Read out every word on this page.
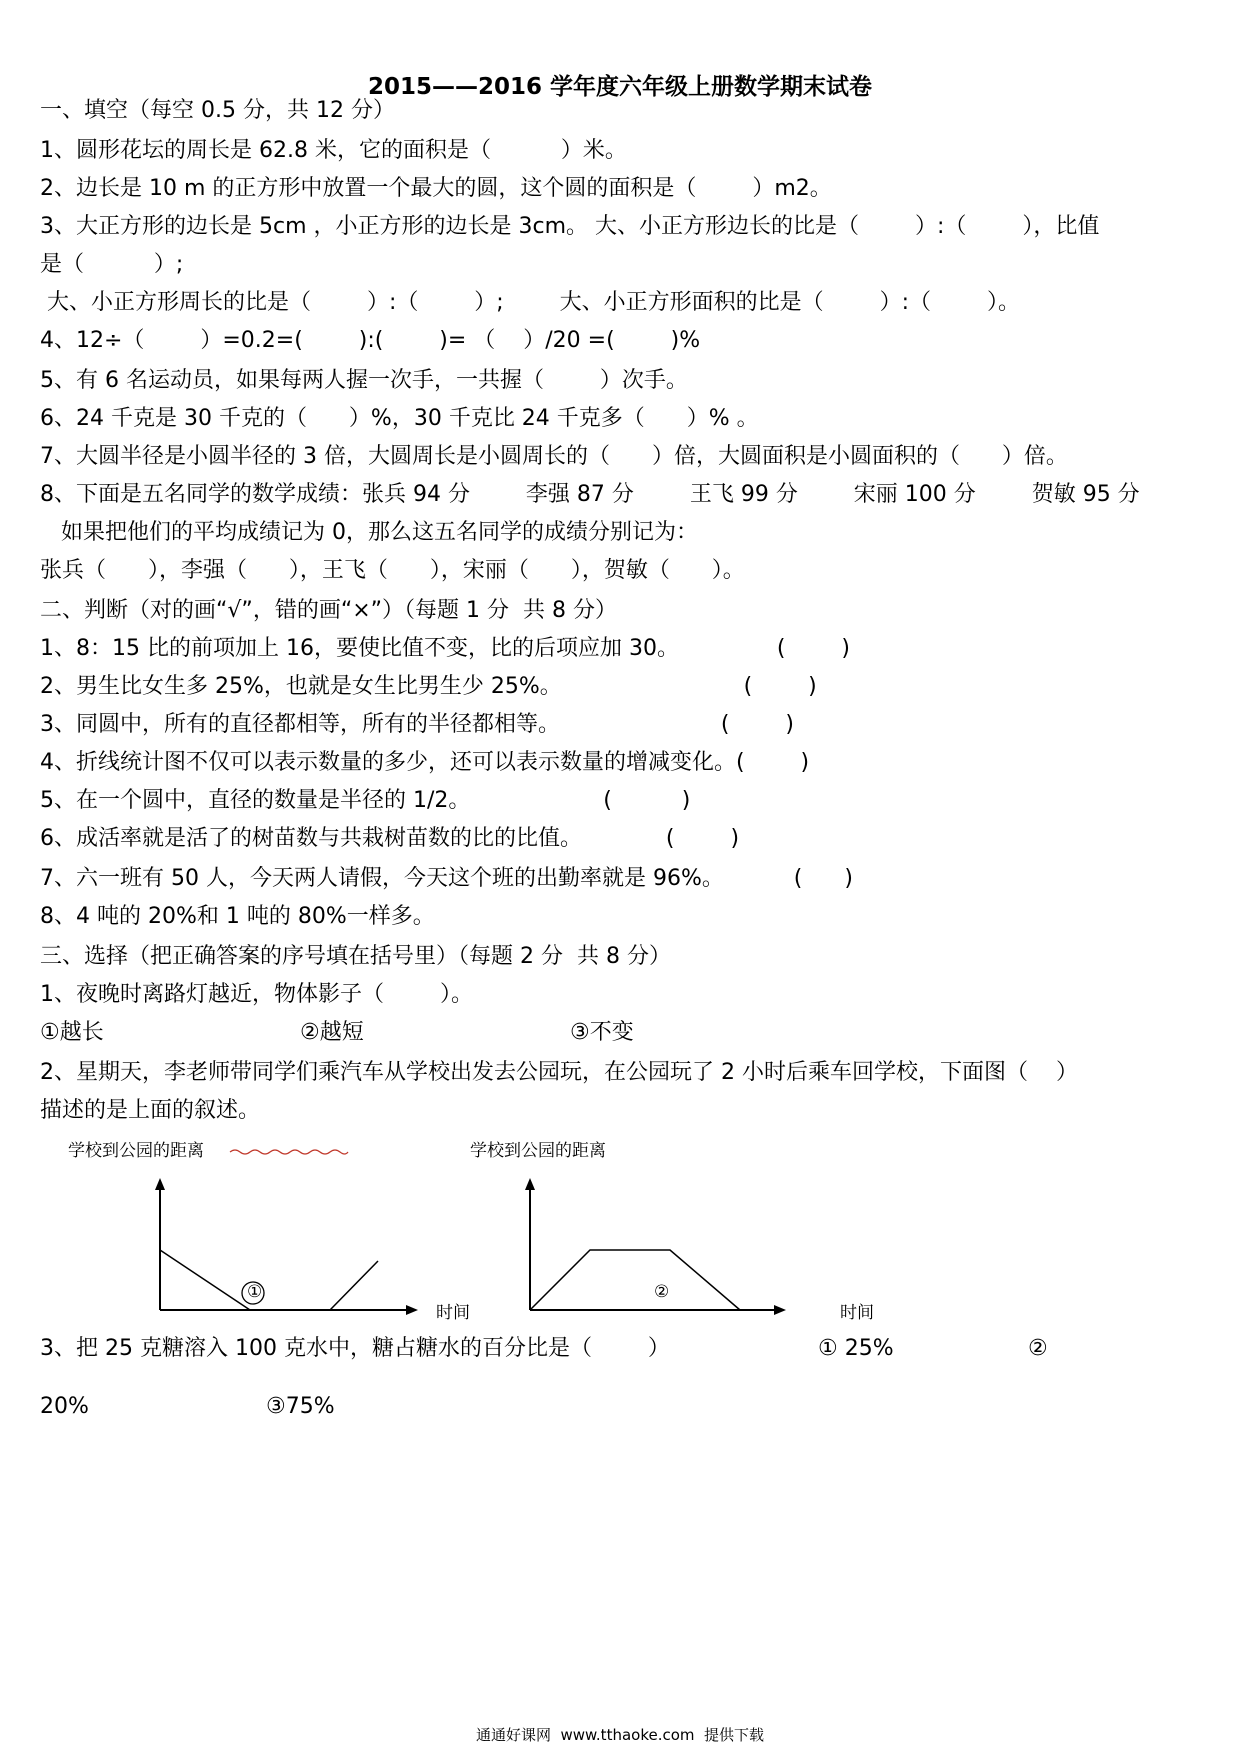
2015——2016 学年度六年级上册数学期末试卷
一、填空（每空 0.5 分，共 12 分）
1、圆形花坛的周长是 62.8 米，它的面积是（          ）米。
2、边长是 10 m 的正方形中放置一个最大的圆，这个圆的面积是（        ）m2。
3、大正方形的边长是 5cm ，小正方形的边长是 3cm。 大、小正方形边长的比是（        ）:（        ），比值
是（          ）;
大、小正方形周长的比是（        ）:（        ）;        大、小正方形面积的比是（        ）:（        ）。
4、12÷（        ）=0.2=(        ):(        )= （    ）/20 =(        )%
5、有 6 名运动员，如果每两人握一次手，一共握（        ）次手。
6、24 千克是 30 千克的（      ）%，30 千克比 24 千克多（      ）% 。
7、大圆半径是小圆半径的 3 倍，大圆周长是小圆周长的（      ）倍，大圆面积是小圆面积的（      ）倍。
8、下面是五名同学的数学成绩：张兵 94 分        李强 87 分        王飞 99 分        宋丽 100 分        贺敏 95 分
如果把他们的平均成绩记为 0，那么这五名同学的成绩分别记为：
张兵（      ），李强（      ），王飞（      ），宋丽（      ），贺敏（      ）。
二、判断（对的画“√”，错的画“×”）（每题 1 分  共 8 分）
1、8：15 比的前项加上 16，要使比值不变，比的后项应加 30。              (        )
2、男生比女生多 25%，也就是女生比男生少 25%。                          (        )
3、同圆中，所有的直径都相等，所有的半径都相等。                       (        )
4、折线统计图不仅可以表示数量的多少，还可以表示数量的增减变化。(        )
5、在一个圆中，直径的数量是半径的 1/2。                   (          )
6、成活率就是活了的树苗数与共栽树苗数的比的比值。            (        )
7、六一班有 50 人，今天两人请假，今天这个班的出勤率就是 96%。          (      )
8、4 吨的 20%和 1 吨的 80%一样多。
三、选择（把正确答案的序号填在括号里）（每题 2 分  共 8 分）
1、夜晚时离路灯越近，物体影子（        ）。
①越长	②越短	③不变
2、星期天，李老师带同学们乘汽车从学校出发去公园玩，在公园玩了 2 小时后乘车回学校，下面图（    ）
描述的是上面的叙述。
学校到公园的距离
时间
①
学校到公园的距离
时间
②
3、把 25 克糖溶入 100 克水中，糖占糖水的百分比是（        ）	① 25%	②
20%	③75%
通通好课网  www.tthaoke.com  提供下载
